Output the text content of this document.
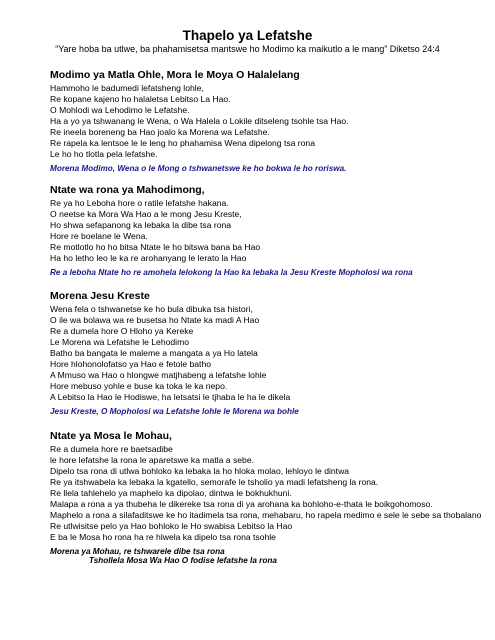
Thapelo ya Lefatshe
“Yare hoba ba utlwe, ba phahamisetsa mantswe ho Modimo ka maikutlo a le mang” Diketso 24:4
Modimo ya Matla Ohle, Mora le Moya O Halalelang
Hammoho le badumedi lefatsheng lohle,
Re kopane kajeno ho halaletsa Lebitso La Hao.
O Mohlodi wa Lehodimo le Lefatshe.
Ha a yo ya tshwanang le Wena, o Wa Halela o Lokile ditseleng tsohle tsa Hao.
Re ineela boreneng ba Hao joalo ka Morena wa Lefatshe.
Re rapela ka lentsoe le le leng ho phahamisa Wena dipelong tsa rona
Le ho ho tlotla pela lefatshe.
Morena Modimo, Wena o le Mong o tshwanetswe ke ho bokwa le ho roriswa.
Ntate wa rona ya Mahodimong,
Re ya ho Leboha hore o ratile lefatshe hakana.
O neetse ka Mora Wa Hao a le mong Jesu Kreste,
Ho shwa sefapanong ka lebaka la dibe tsa rona
Hore re boelane le Wena.
Re motlotlo ho ho bitsa Ntate le ho bitswa bana ba Hao
Ha ho letho leo le ka re arohanyang le lerato la Hao
Re a leboha Ntate ho re amohela lelokong la Hao ka lebaka la Jesu Kreste Mopholosi wa rona
Morena Jesu Kreste
Wena fela o tshwanetse ke ho bula dibuka tsa histori,
O ile wa bolawa wa re busetsa ho Ntate ka madi A Hao
Re a dumela hore O Hloho ya Kereke
Le Morena wa Lefatshe le Lehodimo
Batho ba bangata le maleme a mangata a ya Ho latela
Hore hlohonolofatso ya Hao e fetole batho
A Mmuso wa Hao o hlongwe matjhabeng a lefatshe lohle
Hore mebuso yohle e buse ka toka le ka nepo.
A Lebitso la Hao le Hodiswe, ha letsatsi le tjhaba le ha le dikela
Jesu Kreste, O Mopholosi wa Lefatshe lohle le Morena wa bohle
Ntate ya Mosa le Mohau,
Re a dumela hore re baetsadibe
le hore lefatshe la rona le aparetswe ka matla a sebe.
Dipelo tsa rona di utlwa bohloko ka lebaka la ho hloka molao, lehloyo le dintwa
Re ya itshwabela ka lebaka la kgatello, semorafe le tsholio ya madi lefatsheng la rona.
Re llela tahlehelo ya maphelo ka dipolao, dintwa le bokhukhuni.
Malapa a rona a ya thubeha le dikereke tsa rona di ya arohana ka bohloho-e-thata le boikgohomoso.
Maphelo a rona a silafaditswe ke ho itadimela tsa rona, mehabaru, ho rapela medimo e sele le sebe sa thobalano
Re utlwisitse pelo ya Hao bohloko le Ho swabisa Lebitso la Hao
E ba le Mosa ho rona ha re hlwela ka dipelo tsa rona tsohle
Morena ya Mohau, re tshwarele dibe tsa rona
Tshollela Mosa Wa Hao O fodise lefatshe la rona
